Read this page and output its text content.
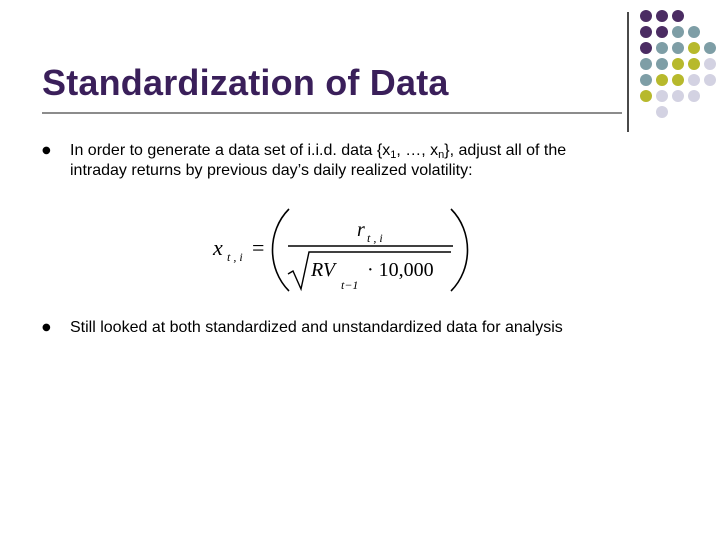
Standardization of Data
● In order to generate a data set of i.i.d. data {$x_1$, …, $x_n$}, adjust all of the
intraday returns by previous day’s daily realized volatility:
x t , i =
r t , i
RV
t−1
· 10,000
● Still looked at both standardized and unstandardized data for analysis
